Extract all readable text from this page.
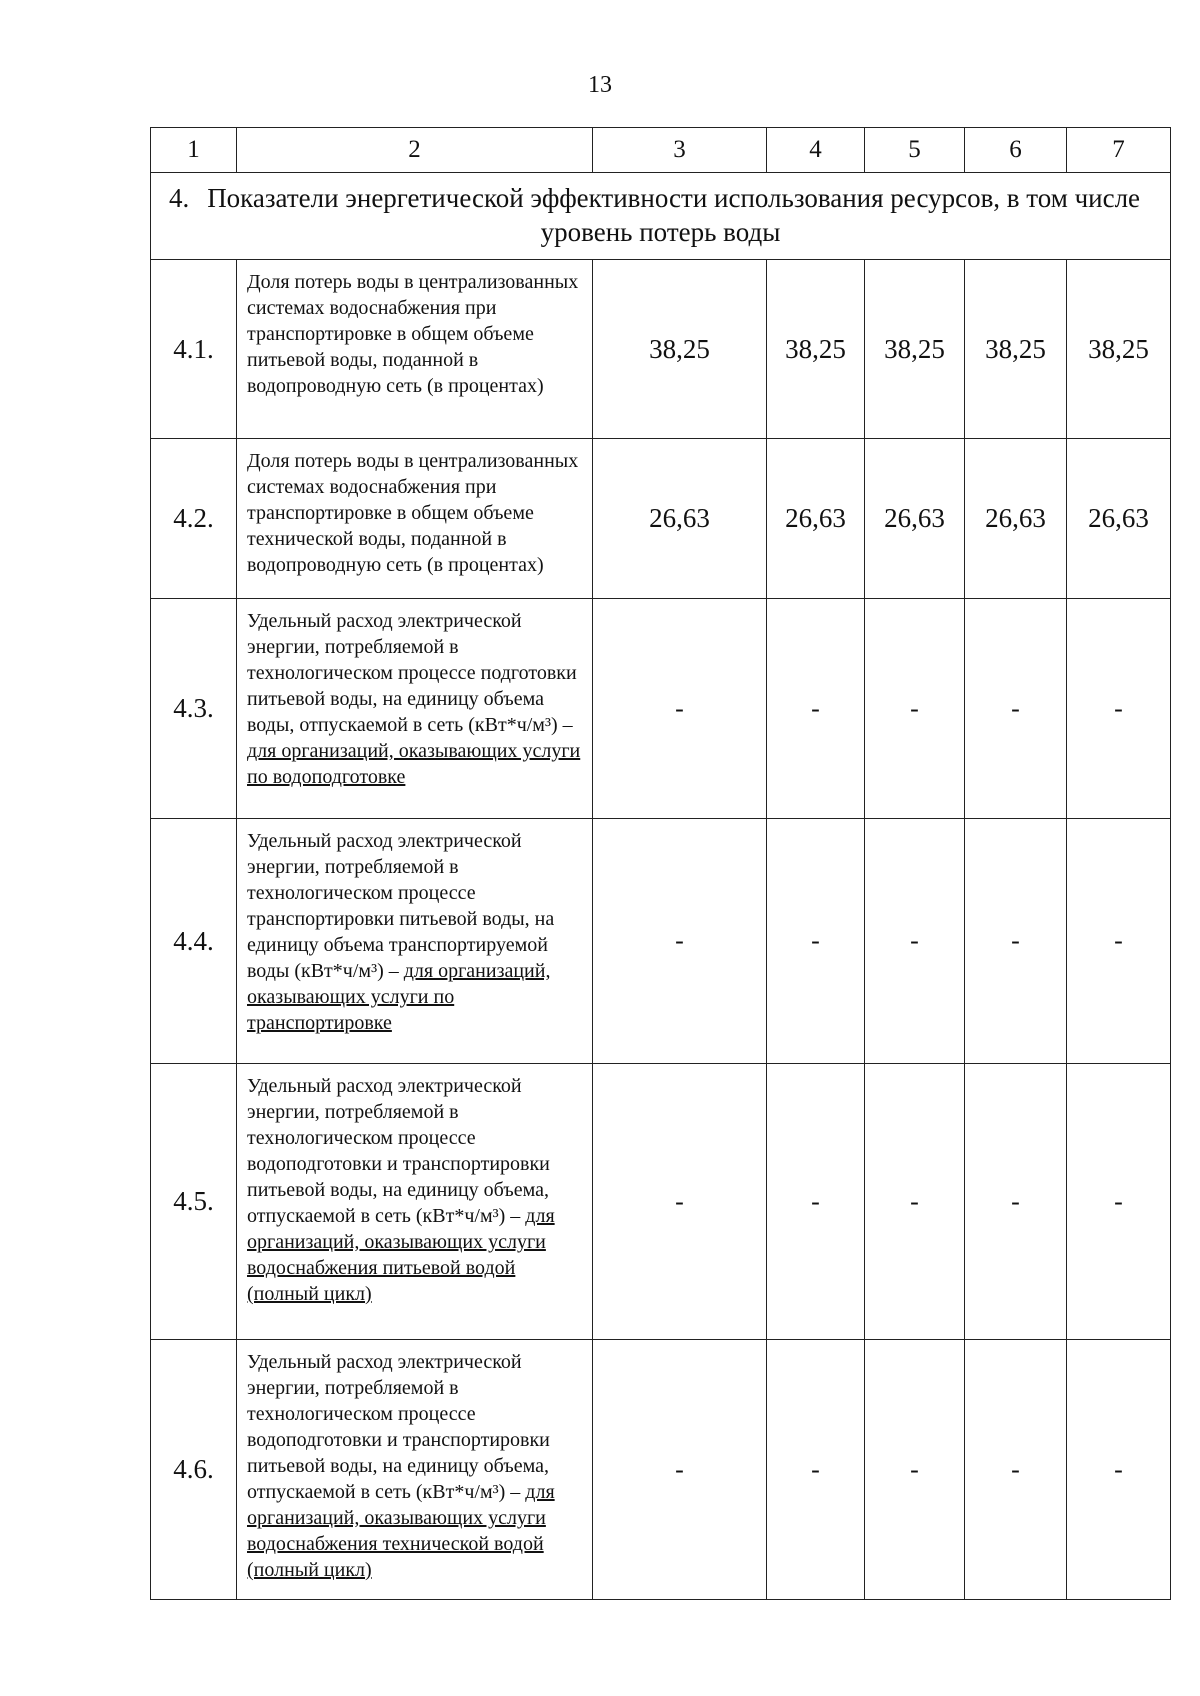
13
1	2	3	4	5	6	7

4. Показатели энергетической эффективности использования ресурсов, в том числе уровень потерь воды						
4.1.	Доля потерь воды в централизованных системах водоснабжения при транспортировке в общем объеме питьевой воды, поданной в водопроводную сеть (в процентах)	38,25	38,25	38,25	38,25	38,25
4.2.	Доля потерь воды в централизованных системах водоснабжения при транспортировке в общем объеме технической воды, поданной в водопроводную сеть (в процентах)	26,63	26,63	26,63	26,63	26,63
4.3.	Удельный расход электрической энергии, потребляемой в технологическом процессе подготовки питьевой воды, на единицу объема воды, отпускаемой в сеть (кВт*ч/м³) – для организаций, оказывающих услуги по водоподготовке	-	-	-	-	-
4.4.	Удельный расход электрической энергии, потребляемой в технологическом процессе транспортировки питьевой воды, на единицу объема транспортируемой воды (кВт*ч/м³) – для организаций, оказывающих услуги по транспортировке	-	-	-	-	-
4.5.	Удельный расход электрической энергии, потребляемой в технологическом процессе водоподготовки и транспортировки питьевой воды, на единицу объема, отпускаемой в сеть (кВт*ч/м³) – для организаций, оказывающих услуги водоснабжения питьевой водой (полный цикл)	-	-	-	-	-
4.6.	Удельный расход электрической энергии, потребляемой в технологическом процессе водоподготовки и транспортировки питьевой воды, на единицу объема, отпускаемой в сеть (кВт*ч/м³) – для организаций, оказывающих услуги водоснабжения технической водой (полный цикл)	-	-	-	-	-
